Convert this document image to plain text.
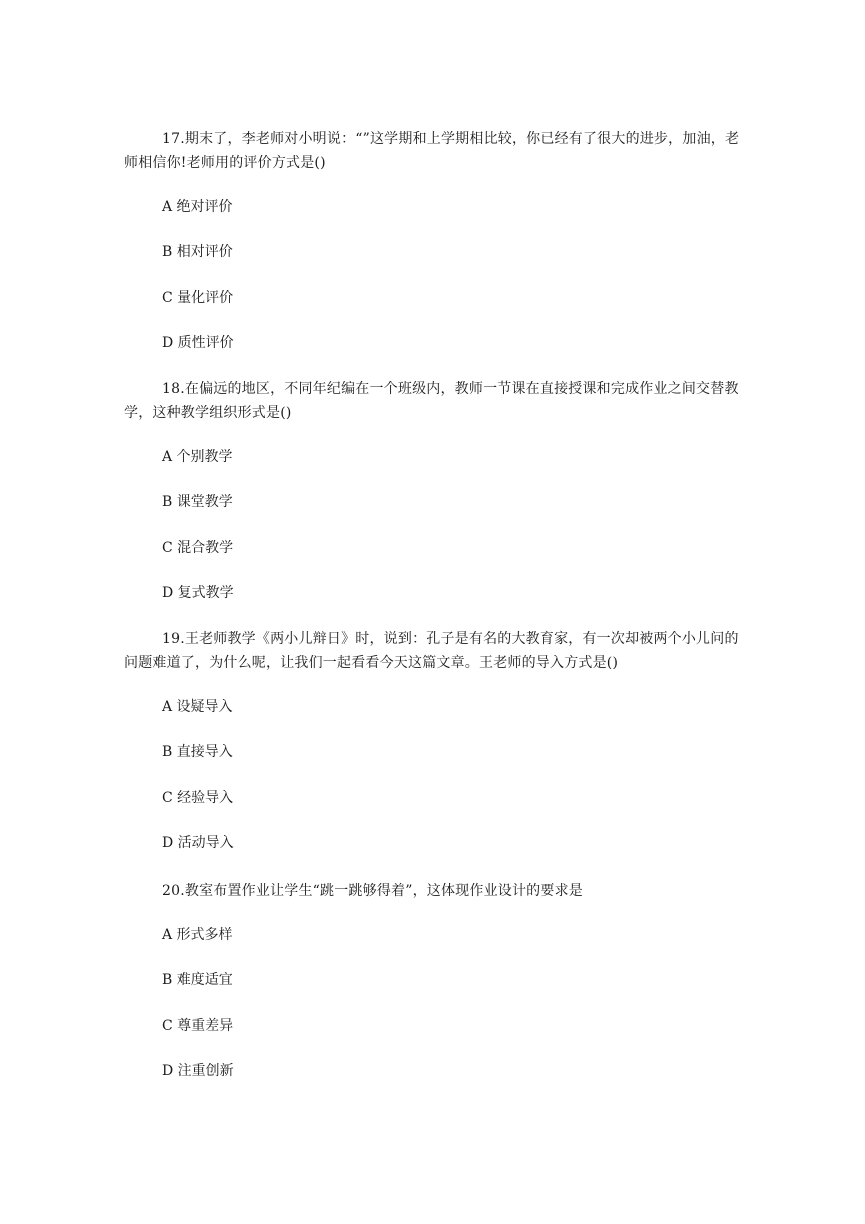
17.期末了，李老师对小明说：“”这学期和上学期相比较，你已经有了很大的进步，加油，老师相信你!老师用的评价方式是()
A 绝对评价
B 相对评价
C 量化评价
D 质性评价
18.在偏远的地区，不同年纪编在一个班级内，教师一节课在直接授课和完成作业之间交替教学，这种教学组织形式是()
A 个别教学
B 课堂教学
C 混合教学
D 复式教学
19.王老师教学《两小儿辩日》时，说到：孔子是有名的大教育家，有一次却被两个小儿问的问题难道了，为什么呢，让我们一起看看今天这篇文章。王老师的导入方式是()
A 设疑导入
B 直接导入
C 经验导入
D 活动导入
20.教室布置作业让学生“跳一跳够得着”，这体现作业设计的要求是
A 形式多样
B 难度适宜
C 尊重差异
D 注重创新
